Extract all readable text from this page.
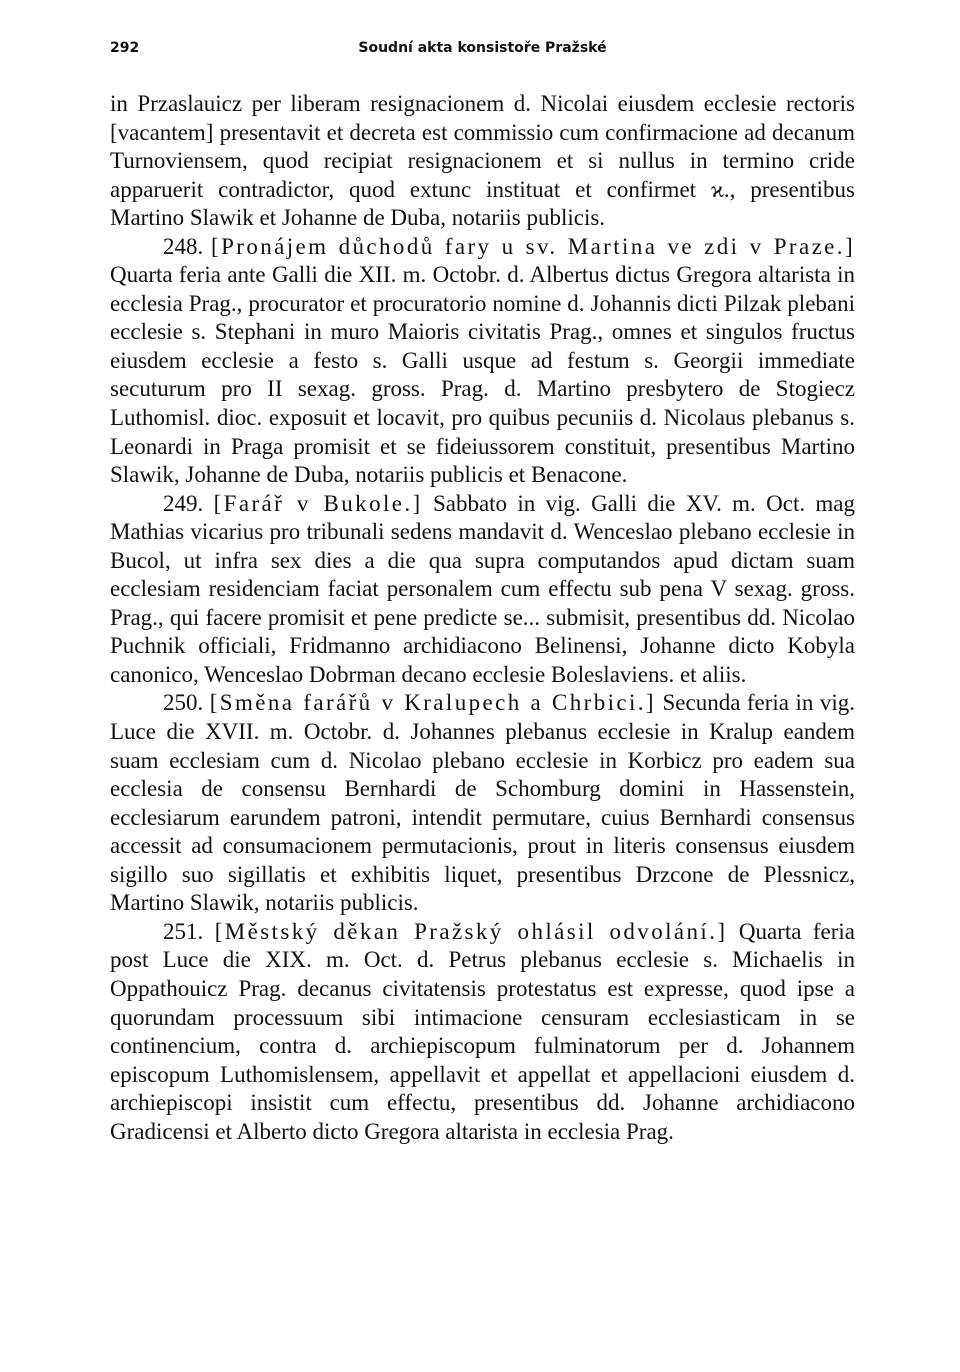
292	Soudní akta konsistoře Pražské

in Przaslauicz per liberam resignacionem d. Nicolai eiusdem ecclesie rectoris [vacantem] presentavit et decreta est commissio cum confirmacione ad decanum Turnoviensem, quod recipiat resignacionem et si nullus in termino cride apparuerit contradictor, quod extunc instituat et confirmet ϰ., presentibus Martino Slawik et Johanne de Duba, notariis publicis.

248. [Pronájem důchodů fary u sv. Martina ve zdi v Praze.] Quarta feria ante Galli die XII. m. Octobr. d. Albertus dictus Gregora altarista in ecclesia Prag., procurator et procuratorio nomine d. Johannis dicti Pilzak plebani ecclesie s. Stephani in muro Maioris civitatis Prag., omnes et singulos fructus eiusdem ecclesie a festo s. Galli usque ad festum s. Georgii immediate secuturum pro II sexag. gross. Prag. d. Martino presbytero de Stogiecz Luthomisl. dioc. exposuit et locavit, pro quibus pecuniis d. Nicolaus plebanus s. Leonardi in Praga promisit et se fideiussorem constituit, presentibus Martino Slawik, Johanne de Duba, notariis publicis et Benacone.

249. [Farář v Bukole.] Sabbato in vig. Galli die XV. m. Oct. mag Mathias vicarius pro tribunali sedens mandavit d. Wenceslao plebano ecclesie in Bucol, ut infra sex dies a die qua supra computandos apud dictam suam ecclesiam residenciam faciat personalem cum effectu sub pena V sexag. gross. Prag., qui facere promisit et pene predicte se... submisit, presentibus dd. Nicolao Puchnik officiali, Fridmanno archidiacono Belinensi, Johanne dicto Kobyla canonico, Wenceslao Dobrman decano ecclesie Boleslaviens. et aliis.

250. [Směna farářů v Kralupech a Chrbici.] Secunda feria in vig. Luce die XVII. m. Octobr. d. Johannes plebanus ecclesie in Kralup eandem suam ecclesiam cum d. Nicolao plebano ecclesie in Korbicz pro eadem sua ecclesia de consensu Bernhardi de Schomburg domini in Hassenstein, ecclesiarum earundem patroni, intendit permutare, cuius Bernhardi consensus accessit ad consumacionem permutacionis, prout in literis consensus eiusdem sigillo suo sigillatis et exhibitis liquet, presentibus Drzcone de Plessnicz, Martino Slawik, notariis publicis.

251. [Městský děkan Pražský ohlásil odvolání.] Quarta feria post Luce die XIX. m. Oct. d. Petrus plebanus ecclesie s. Michaelis in Oppathouicz Prag. decanus civitatensis protestatus est expresse, quod ipse a quorundam processuum sibi intimacione censuram ecclesiasticam in se continencium, contra d. archiepiscopum fulminatorum per d. Johannem episcopum Luthomislensem, appellavit et appellat et appellacioni eiusdem d. archiepiscopi insistit cum effectu, presentibus dd. Johanne archidiacono Gradicensi et Alberto dicto Gregora altarista in ecclesia Prag.
